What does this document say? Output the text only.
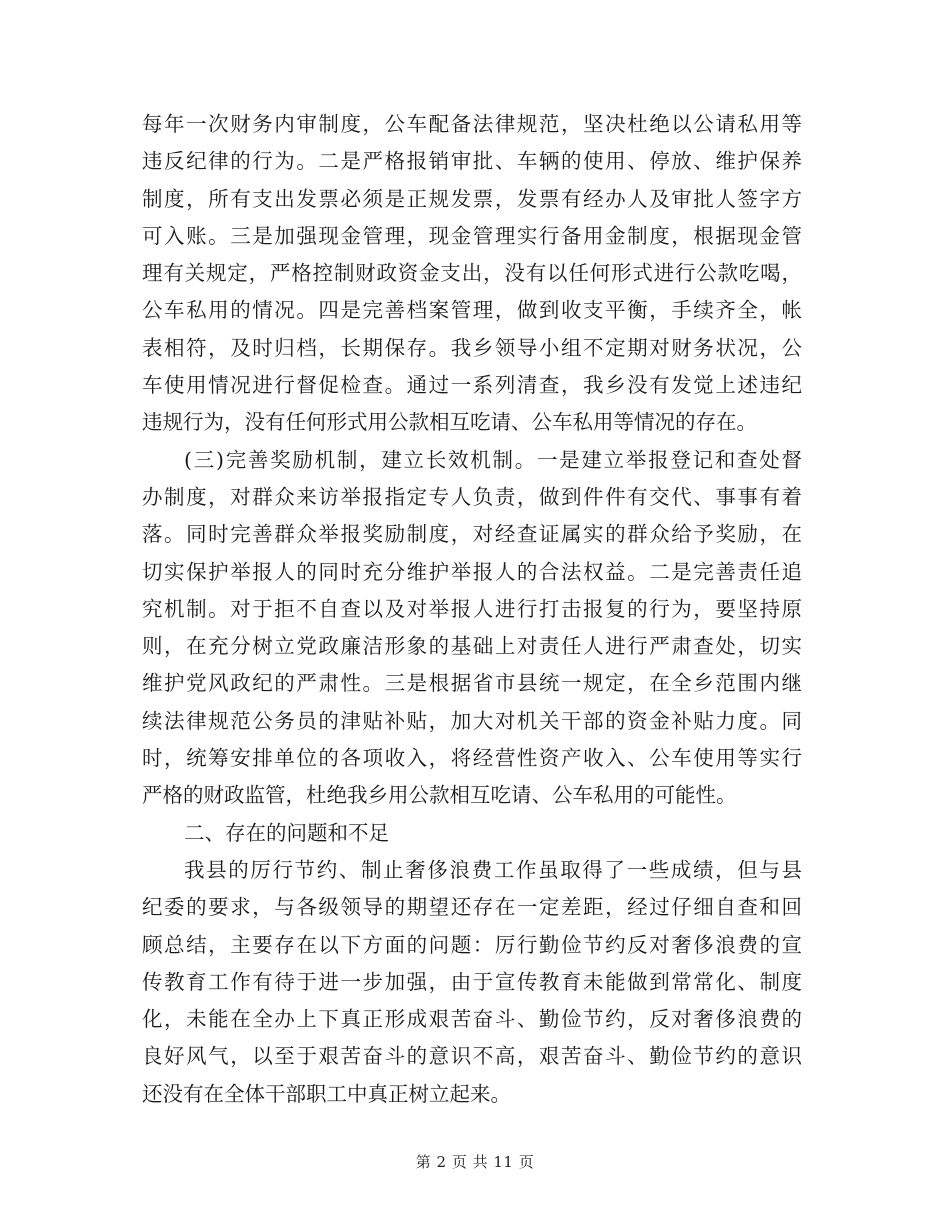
每年一次财务内审制度，公车配备法律规范，坚决杜绝以公请私用等
违反纪律的行为。二是严格报销审批、车辆的使用、停放、维护保养
制度，所有支出发票必须是正规发票，发票有经办人及审批人签字方
可入账。三是加强现金管理，现金管理实行备用金制度，根据现金管
理有关规定，严格控制财政资金支出，没有以任何形式进行公款吃喝，
公车私用的情况。四是完善档案管理，做到收支平衡，手续齐全，帐
表相符，及时归档，长期保存。我乡领导小组不定期对财务状况，公
车使用情况进行督促检查。通过一系列清查，我乡没有发觉上述违纪
违规行为，没有任何形式用公款相互吃请、公车私用等情况的存在。
(三)完善奖励机制，建立长效机制。一是建立举报登记和查处督
办制度，对群众来访举报指定专人负责，做到件件有交代、事事有着
落。同时完善群众举报奖励制度，对经查证属实的群众给予奖励，在
切实保护举报人的同时充分维护举报人的合法权益。二是完善责任追
究机制。对于拒不自查以及对举报人进行打击报复的行为，要坚持原
则，在充分树立党政廉洁形象的基础上对责任人进行严肃查处，切实
维护党风政纪的严肃性。三是根据省市县统一规定，在全乡范围内继
续法律规范公务员的津贴补贴，加大对机关干部的资金补贴力度。同
时，统筹安排单位的各项收入，将经营性资产收入、公车使用等实行
严格的财政监管，杜绝我乡用公款相互吃请、公车私用的可能性。
二、存在的问题和不足
我县的厉行节约、制止奢侈浪费工作虽取得了一些成绩，但与县
纪委的要求，与各级领导的期望还存在一定差距，经过仔细自查和回
顾总结，主要存在以下方面的问题：厉行勤俭节约反对奢侈浪费的宣
传教育工作有待于进一步加强，由于宣传教育未能做到常常化、制度
化，未能在全办上下真正形成艰苦奋斗、勤俭节约，反对奢侈浪费的
良好风气，以至于艰苦奋斗的意识不高，艰苦奋斗、勤俭节约的意识
还没有在全体干部职工中真正树立起来。
第 2 页 共 11 页
